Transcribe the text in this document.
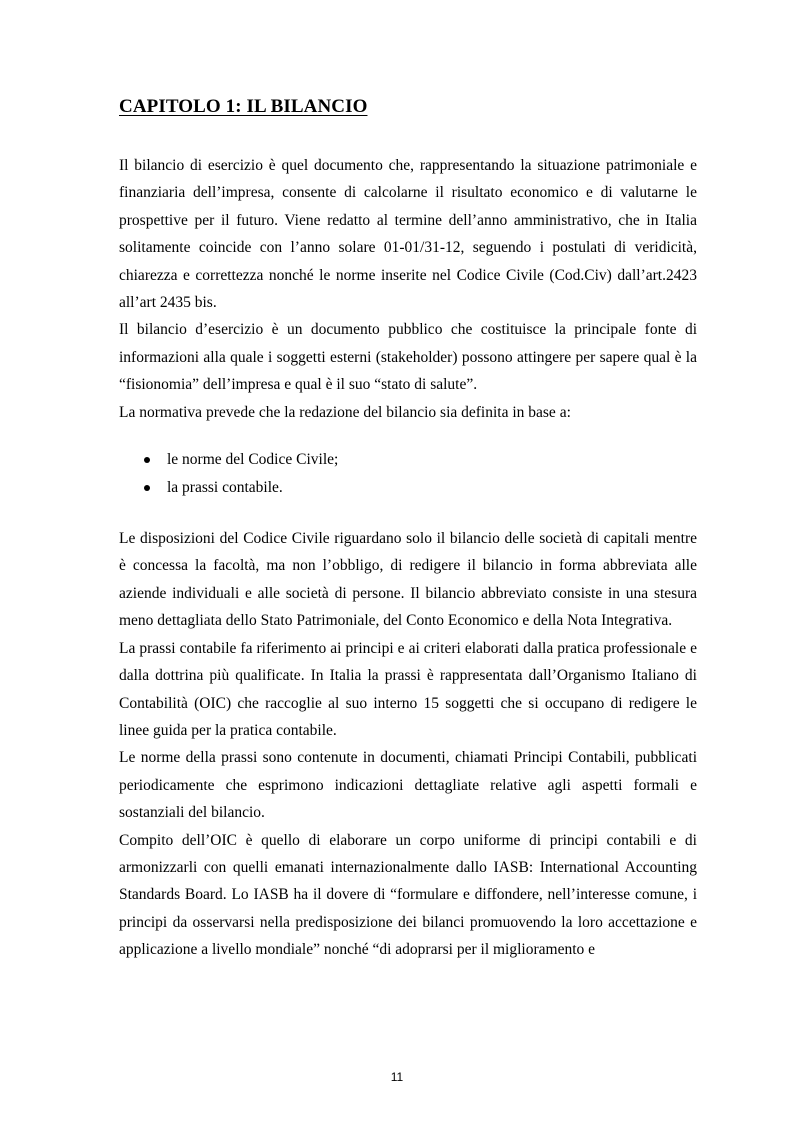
CAPITOLO 1: IL BILANCIO

Il bilancio di esercizio è quel documento che, rappresentando la situazione patrimoniale e finanziaria dell’impresa, consente di calcolarne il risultato economico e di valutarne le prospettive per il futuro. Viene redatto al termine dell’anno amministrativo, che in Italia solitamente coincide con l’anno solare 01-01/31-12, seguendo i postulati di veridicità, chiarezza e correttezza nonché le norme inserite nel Codice Civile (Cod.Civ) dall’art.2423 all’art 2435 bis.

Il bilancio d’esercizio è un documento pubblico che costituisce la principale fonte di informazioni alla quale i soggetti esterni (stakeholder) possono attingere per sapere qual è la “fisionomia” dell’impresa e qual è il suo “stato di salute”.

La normativa prevede che la redazione del bilancio sia definita in base a:

le norme del Codice Civile;
la prassi contabile.

Le disposizioni del Codice Civile riguardano solo il bilancio delle società di capitali mentre è concessa la facoltà, ma non l’obbligo, di redigere il bilancio in forma abbreviata alle aziende individuali e alle società di persone. Il bilancio abbreviato consiste in una stesura meno dettagliata dello Stato Patrimoniale, del Conto Economico e della Nota Integrativa.

La prassi contabile fa riferimento ai principi e ai criteri elaborati dalla pratica professionale e dalla dottrina più qualificate. In Italia la prassi è rappresentata dall’Organismo Italiano di Contabilità (OIC) che raccoglie al suo interno 15 soggetti che si occupano di redigere le linee guida per la pratica contabile.

Le norme della prassi sono contenute in documenti, chiamati Principi Contabili, pubblicati periodicamente che esprimono indicazioni dettagliate relative agli aspetti formali e sostanziali del bilancio.

Compito dell’OIC è quello di elaborare un corpo uniforme di principi contabili e di armonizzarli con quelli emanati internazionalmente dallo IASB: International Accounting Standards Board. Lo IASB ha il dovere di “formulare e diffondere, nell’interesse comune, i principi da osservarsi nella predisposizione dei bilanci promuovendo la loro accettazione e applicazione a livello mondiale” nonché “di adoprarsi per il miglioramento e

11
